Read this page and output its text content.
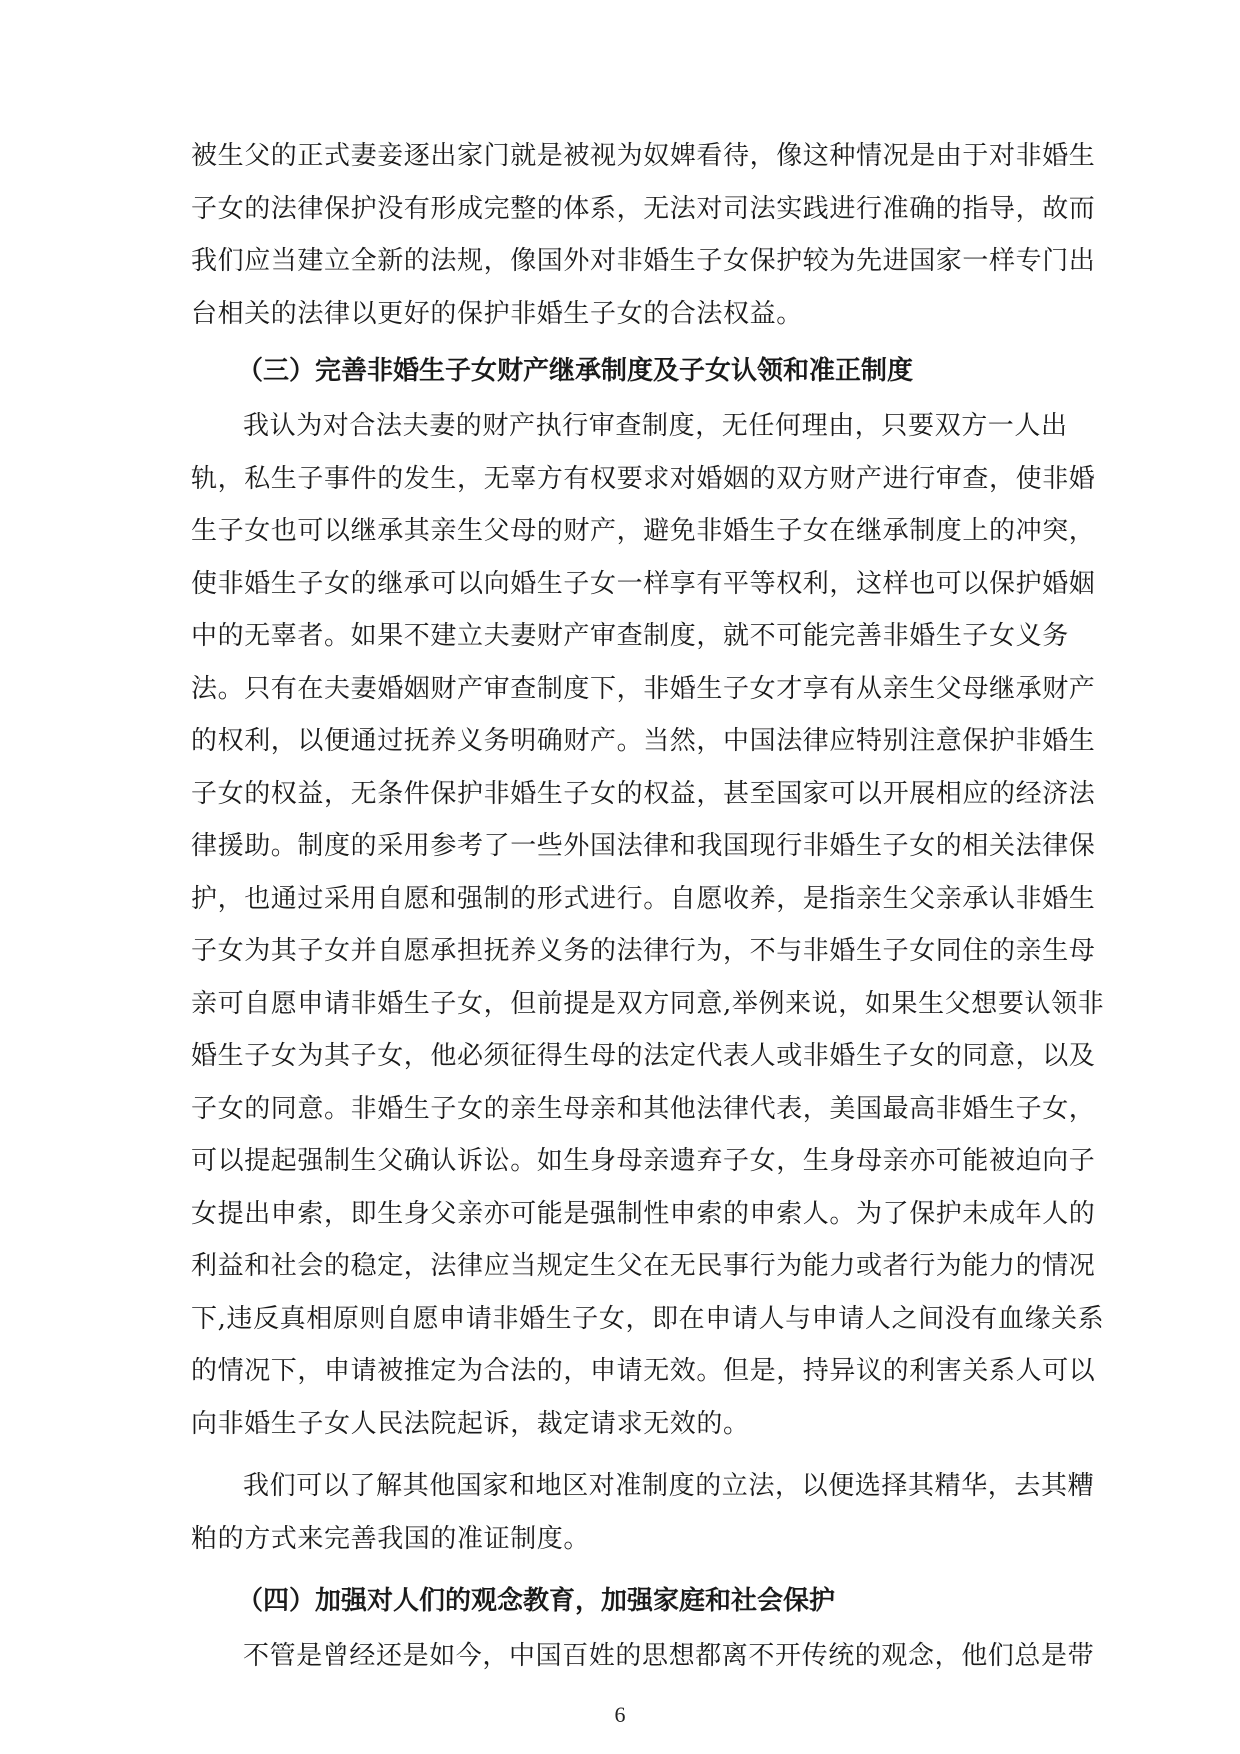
被生父的正式妻妾逐出家门就是被视为奴婢看待，像这种情况是由于对非婚生
子女的法律保护没有形成完整的体系，无法对司法实践进行准确的指导，故而
我们应当建立全新的法规，像国外对非婚生子女保护较为先进国家一样专门出
台相关的法律以更好的保护非婚生子女的合法权益。
（三）完善非婚生子女财产继承制度及子女认领和准正制度
我认为对合法夫妻的财产执行审查制度，无任何理由，只要双方一人出
轨，私生子事件的发生，无辜方有权要求对婚姻的双方财产进行审查，使非婚
生子女也可以继承其亲生父母的财产，避免非婚生子女在继承制度上的冲突，
使非婚生子女的继承可以向婚生子女一样享有平等权利，这样也可以保护婚姻
中的无辜者。如果不建立夫妻财产审查制度，就不可能完善非婚生子女义务
法。只有在夫妻婚姻财产审查制度下，非婚生子女才享有从亲生父母继承财产
的权利，以便通过抚养义务明确财产。当然，中国法律应特别注意保护非婚生
子女的权益，无条件保护非婚生子女的权益，甚至国家可以开展相应的经济法
律援助。制度的采用参考了一些外国法律和我国现行非婚生子女的相关法律保
护，也通过采用自愿和强制的形式进行。自愿收养，是指亲生父亲承认非婚生
子女为其子女并自愿承担抚养义务的法律行为，不与非婚生子女同住的亲生母
亲可自愿申请非婚生子女，但前提是双方同意,举例来说，如果生父想要认领非
婚生子女为其子女，他必须征得生母的法定代表人或非婚生子女的同意，以及
子女的同意。非婚生子女的亲生母亲和其他法律代表，美国最高非婚生子女，
可以提起强制生父确认诉讼。如生身母亲遗弃子女，生身母亲亦可能被迫向子
女提出申索，即生身父亲亦可能是强制性申索的申索人。为了保护未成年人的
利益和社会的稳定，法律应当规定生父在无民事行为能力或者行为能力的情况
下,违反真相原则自愿申请非婚生子女，即在申请人与申请人之间没有血缘关系
的情况下，申请被推定为合法的，申请无效。但是，持异议的利害关系人可以
向非婚生子女人民法院起诉，裁定请求无效的。
我们可以了解其他国家和地区对准制度的立法，以便选择其精华，去其糟
粕的方式来完善我国的准证制度。
（四）加强对人们的观念教育，加强家庭和社会保护
不管是曾经还是如今，中国百姓的思想都离不开传统的观念，他们总是带
6
